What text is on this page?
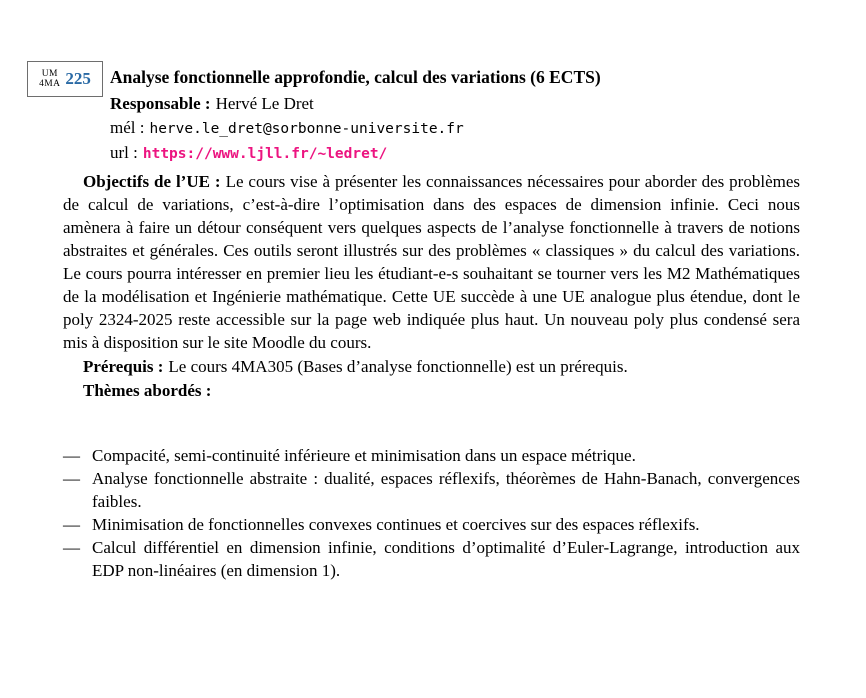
UM
4MA 225 Analyse fonctionnelle approfondie, calcul des variations (6 ECTS)
Responsable : Hervé Le Dret
mél : herve.le_dret@sorbonne-universite.fr
url : https://www.ljll.fr/~ledret/

Objectifs de l’UE : Le cours vise à présenter les connaissances nécessaires pour aborder des problèmes de calcul de variations, c’est-à-dire l’optimisation dans des espaces de dimension infinie. Ceci nous amènera à faire un détour conséquent vers quelques aspects de l’analyse fonctionnelle à travers de notions abstraites et générales. Ces outils seront illustrés sur des problèmes « classiques » du calcul des variations. Le cours pourra intéresser en premier lieu les étudiant-e-s souhaitant se tourner vers les M2 Mathématiques de la modélisation et Ingénierie mathématique. Cette UE succède à une UE analogue plus étendue, dont le poly 2324-2025 reste accessible sur la page web indiquée plus haut. Un nouveau poly plus condensé sera mis à disposition sur le site Moodle du cours.

Prérequis : Le cours 4MA305 (Bases d’analyse fonctionnelle) est un prérequis.

Thèmes abordés :

— Compacité, semi-continuité inférieure et minimisation dans un espace métrique.
— Analyse fonctionnelle abstraite : dualité, espaces réflexifs, théorèmes de Hahn-Banach, convergences faibles.
— Minimisation de fonctionnelles convexes continues et coercives sur des espaces réflexifs.
— Calcul différentiel en dimension infinie, conditions d’optimalité d’Euler-Lagrange, introduction aux EDP non-linéaires (en dimension 1).
